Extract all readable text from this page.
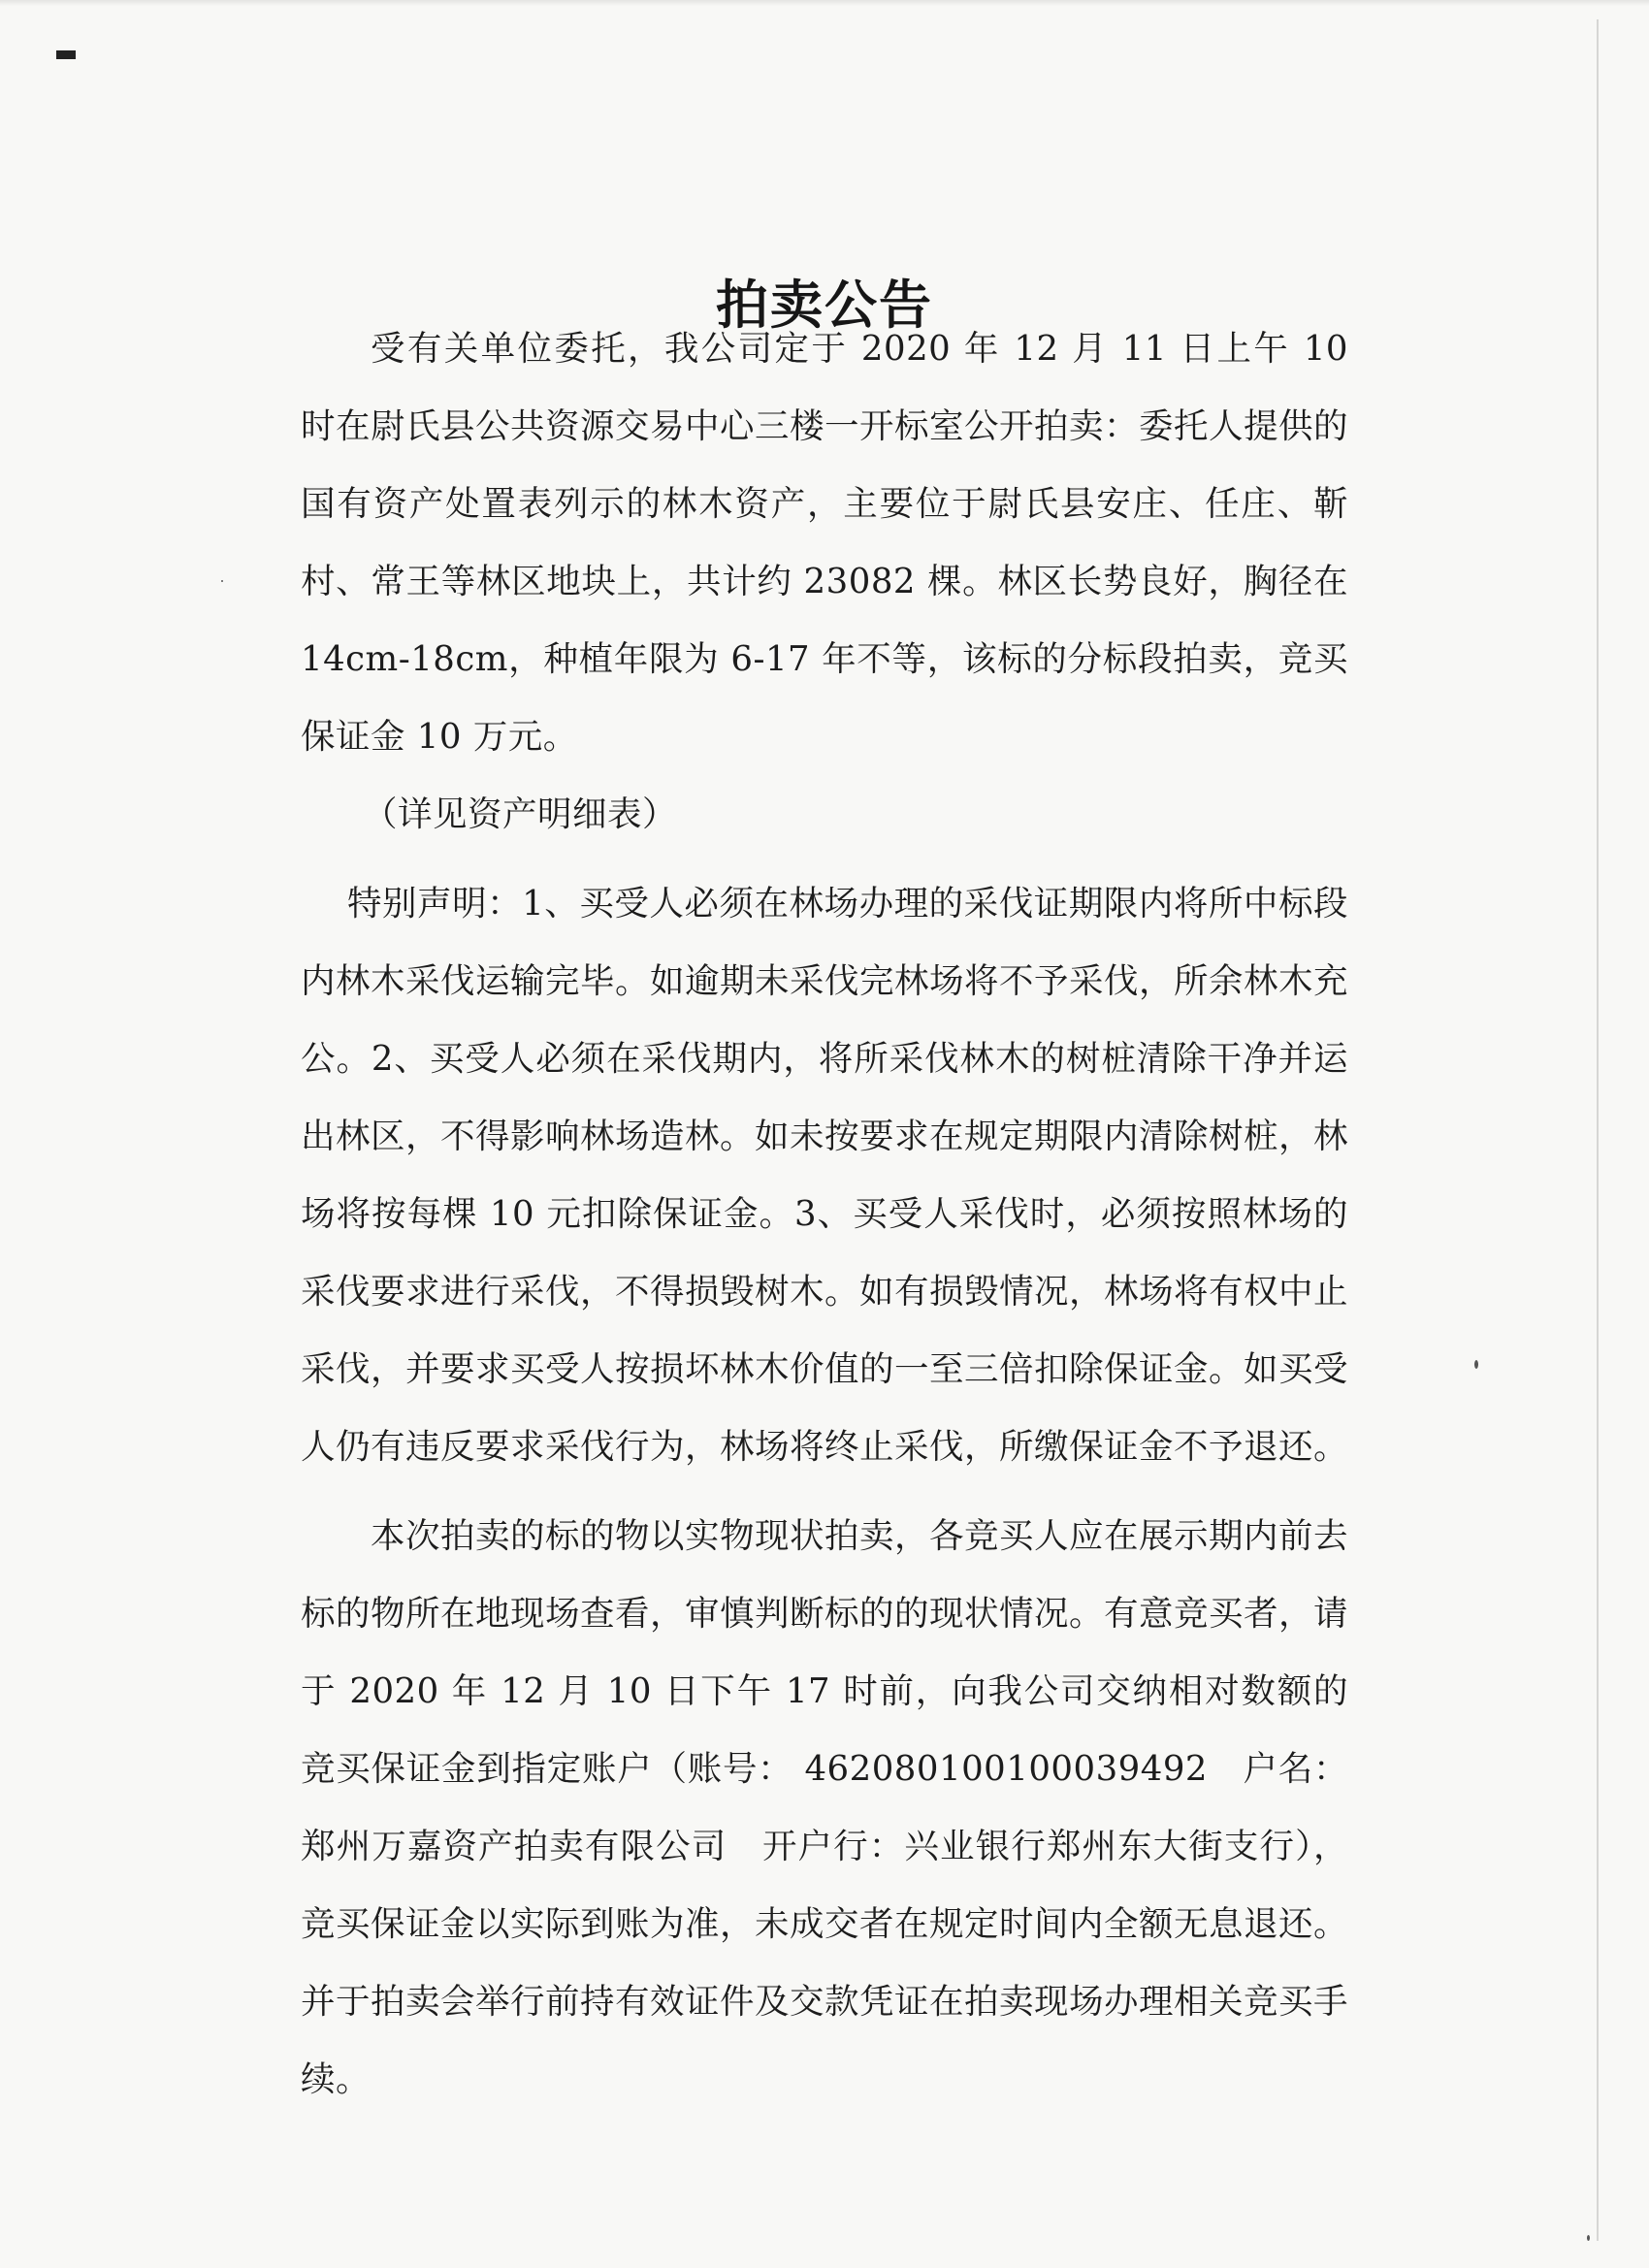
拍卖公告

受有关单位委托，我公司定于 2020 年 12 月 11 日上午 10 时在尉氏县公共资源交易中心三楼一开标室公开拍卖：委托人提供的国有资产处置表列示的林木资产，主要位于尉氏县安庄、任庄、靳村、常王等林区地块上，共计约 23082 棵。林区长势良好，胸径在 14cm-18cm，种植年限为 6-17 年不等，该标的分标段拍卖，竞买保证金 10 万元。
（详见资产明细表）

特别声明：1、买受人必须在林场办理的采伐证期限内将所中标段内林木采伐运输完毕。如逾期未采伐完林场将不予采伐，所余林木充公。2、买受人必须在采伐期内，将所采伐林木的树桩清除干净并运出林区，不得影响林场造林。如未按要求在规定期限内清除树桩，林场将按每棵 10 元扣除保证金。3、买受人采伐时，必须按照林场的采伐要求进行采伐，不得损毁树木。如有损毁情况，林场将有权中止采伐，并要求买受人按损坏林木价值的一至三倍扣除保证金。如买受人仍有违反要求采伐行为，林场将终止采伐，所缴保证金不予退还。

本次拍卖的标的物以实物现状拍卖，各竞买人应在展示期内前去标的物所在地现场查看，审慎判断标的的现状情况。有意竞买者，请于 2020 年 12 月 10 日下午 17 时前，向我公司交纳相对数额的竞买保证金到指定账户（账号： 462080100100039492　户名：郑州万嘉资产拍卖有限公司　开户行：兴业银行郑州东大街支行），竞买保证金以实际到账为准，未成交者在规定时间内全额无息退还。并于拍卖会举行前持有效证件及交款凭证在拍卖现场办理相关竞买手续。
